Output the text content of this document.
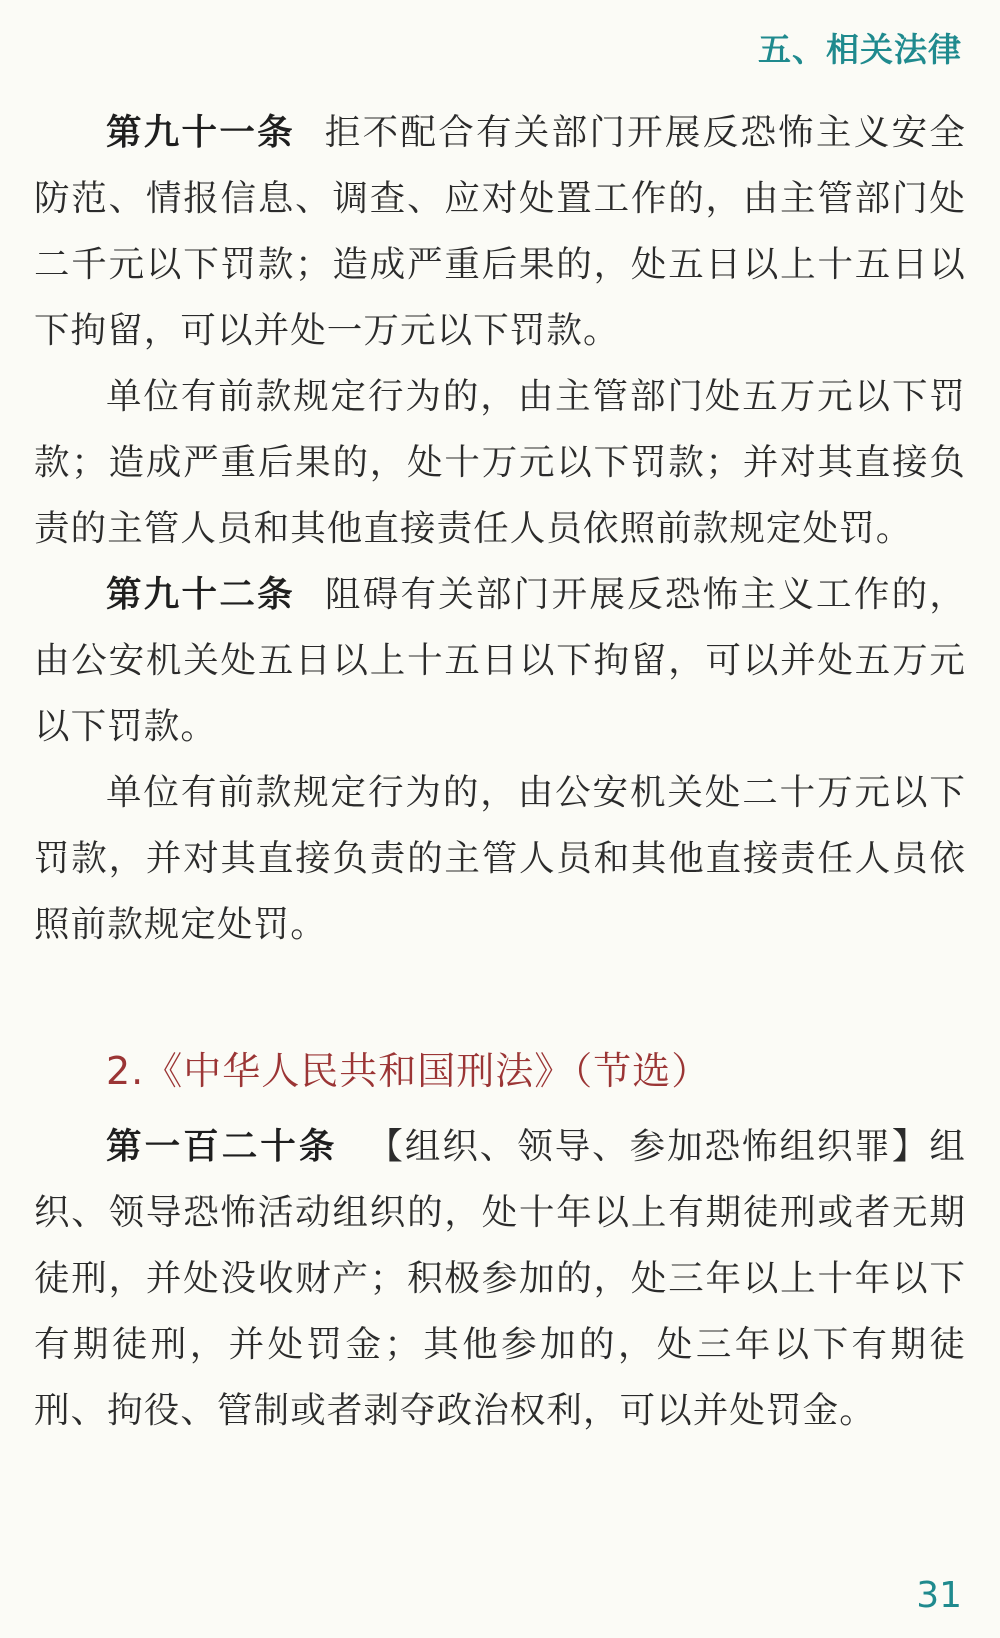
五、相关法律

第九十一条 拒不配合有关部门开展反恐怖主义安全防范、情报信息、调查、应对处置工作的，由主管部门处二千元以下罚款；造成严重后果的，处五日以上十五日以下拘留，可以并处一万元以下罚款。

单位有前款规定行为的，由主管部门处五万元以下罚款；造成严重后果的，处十万元以下罚款；并对其直接负责的主管人员和其他直接责任人员依照前款规定处罚。

第九十二条 阻碍有关部门开展反恐怖主义工作的，由公安机关处五日以上十五日以下拘留，可以并处五万元以下罚款。

单位有前款规定行为的，由公安机关处二十万元以下罚款，并对其直接负责的主管人员和其他直接责任人员依照前款规定处罚。

2.《中华人民共和国刑法》（节选）

第一百二十条 【组织、领导、参加恐怖组织罪】组织、领导恐怖活动组织的，处十年以上有期徒刑或者无期徒刑，并处没收财产；积极参加的，处三年以上十年以下有期徒刑，并处罚金；其他参加的，处三年以下有期徒刑、拘役、管制或者剥夺政治权利，可以并处罚金。

31
